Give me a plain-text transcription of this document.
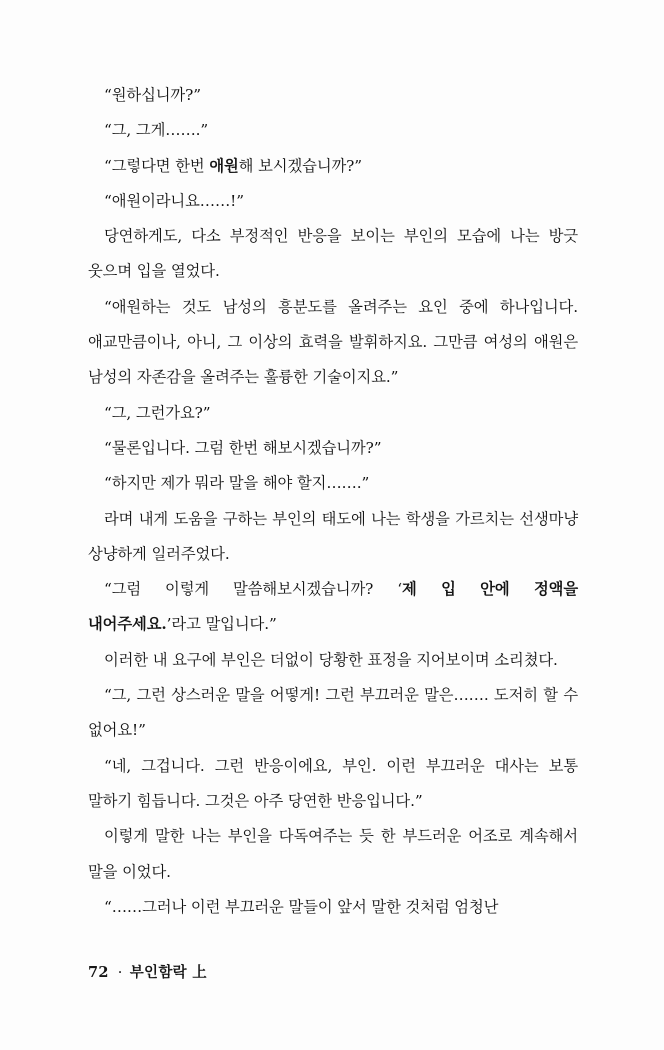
“원하십니까?”

“그, 그게…….”

“그렇다면 한번 애원해 보시겠습니까?”

“애원이라니요……!”

당연하게도, 다소 부정적인 반응을 보이는 부인의 모습에 나는 방긋 웃으며 입을 열었다.

“애원하는 것도 남성의 흥분도를 올려주는 요인 중에 하나입니다. 애교만큼이나, 아니, 그 이상의 효력을 발휘하지요. 그만큼 여성의 애원은 남성의 자존감을 올려주는 훌륭한 기술이지요.”

“그, 그런가요?”

“물론입니다. 그럼 한번 해보시겠습니까?”

“하지만 제가 뭐라 말을 해야 할지…….”

라며 내게 도움을 구하는 부인의 태도에 나는 학생을 가르치는 선생마냥 상냥하게 일러주었다.

“그럼 이렇게 말씀해보시겠습니까? ‘제 입 안에 정액을 내어주세요.’라고 말입니다.”

이러한 내 요구에 부인은 더없이 당황한 표정을 지어보이며 소리쳤다.

“그, 그런 상스러운 말을 어떻게! 그런 부끄러운 말은……. 도저히 할 수 없어요!”

“네, 그겁니다. 그런 반응이에요, 부인. 이런 부끄러운 대사는 보통 말하기 힘듭니다. 그것은 아주 당연한 반응입니다.”

이렇게 말한 나는 부인을 다독여주는 듯 한 부드러운 어조로 계속해서 말을 이었다.

“……그러나 이런 부끄러운 말들이 앞서 말한 것처럼 엄청난

72 · 부인함락 上
